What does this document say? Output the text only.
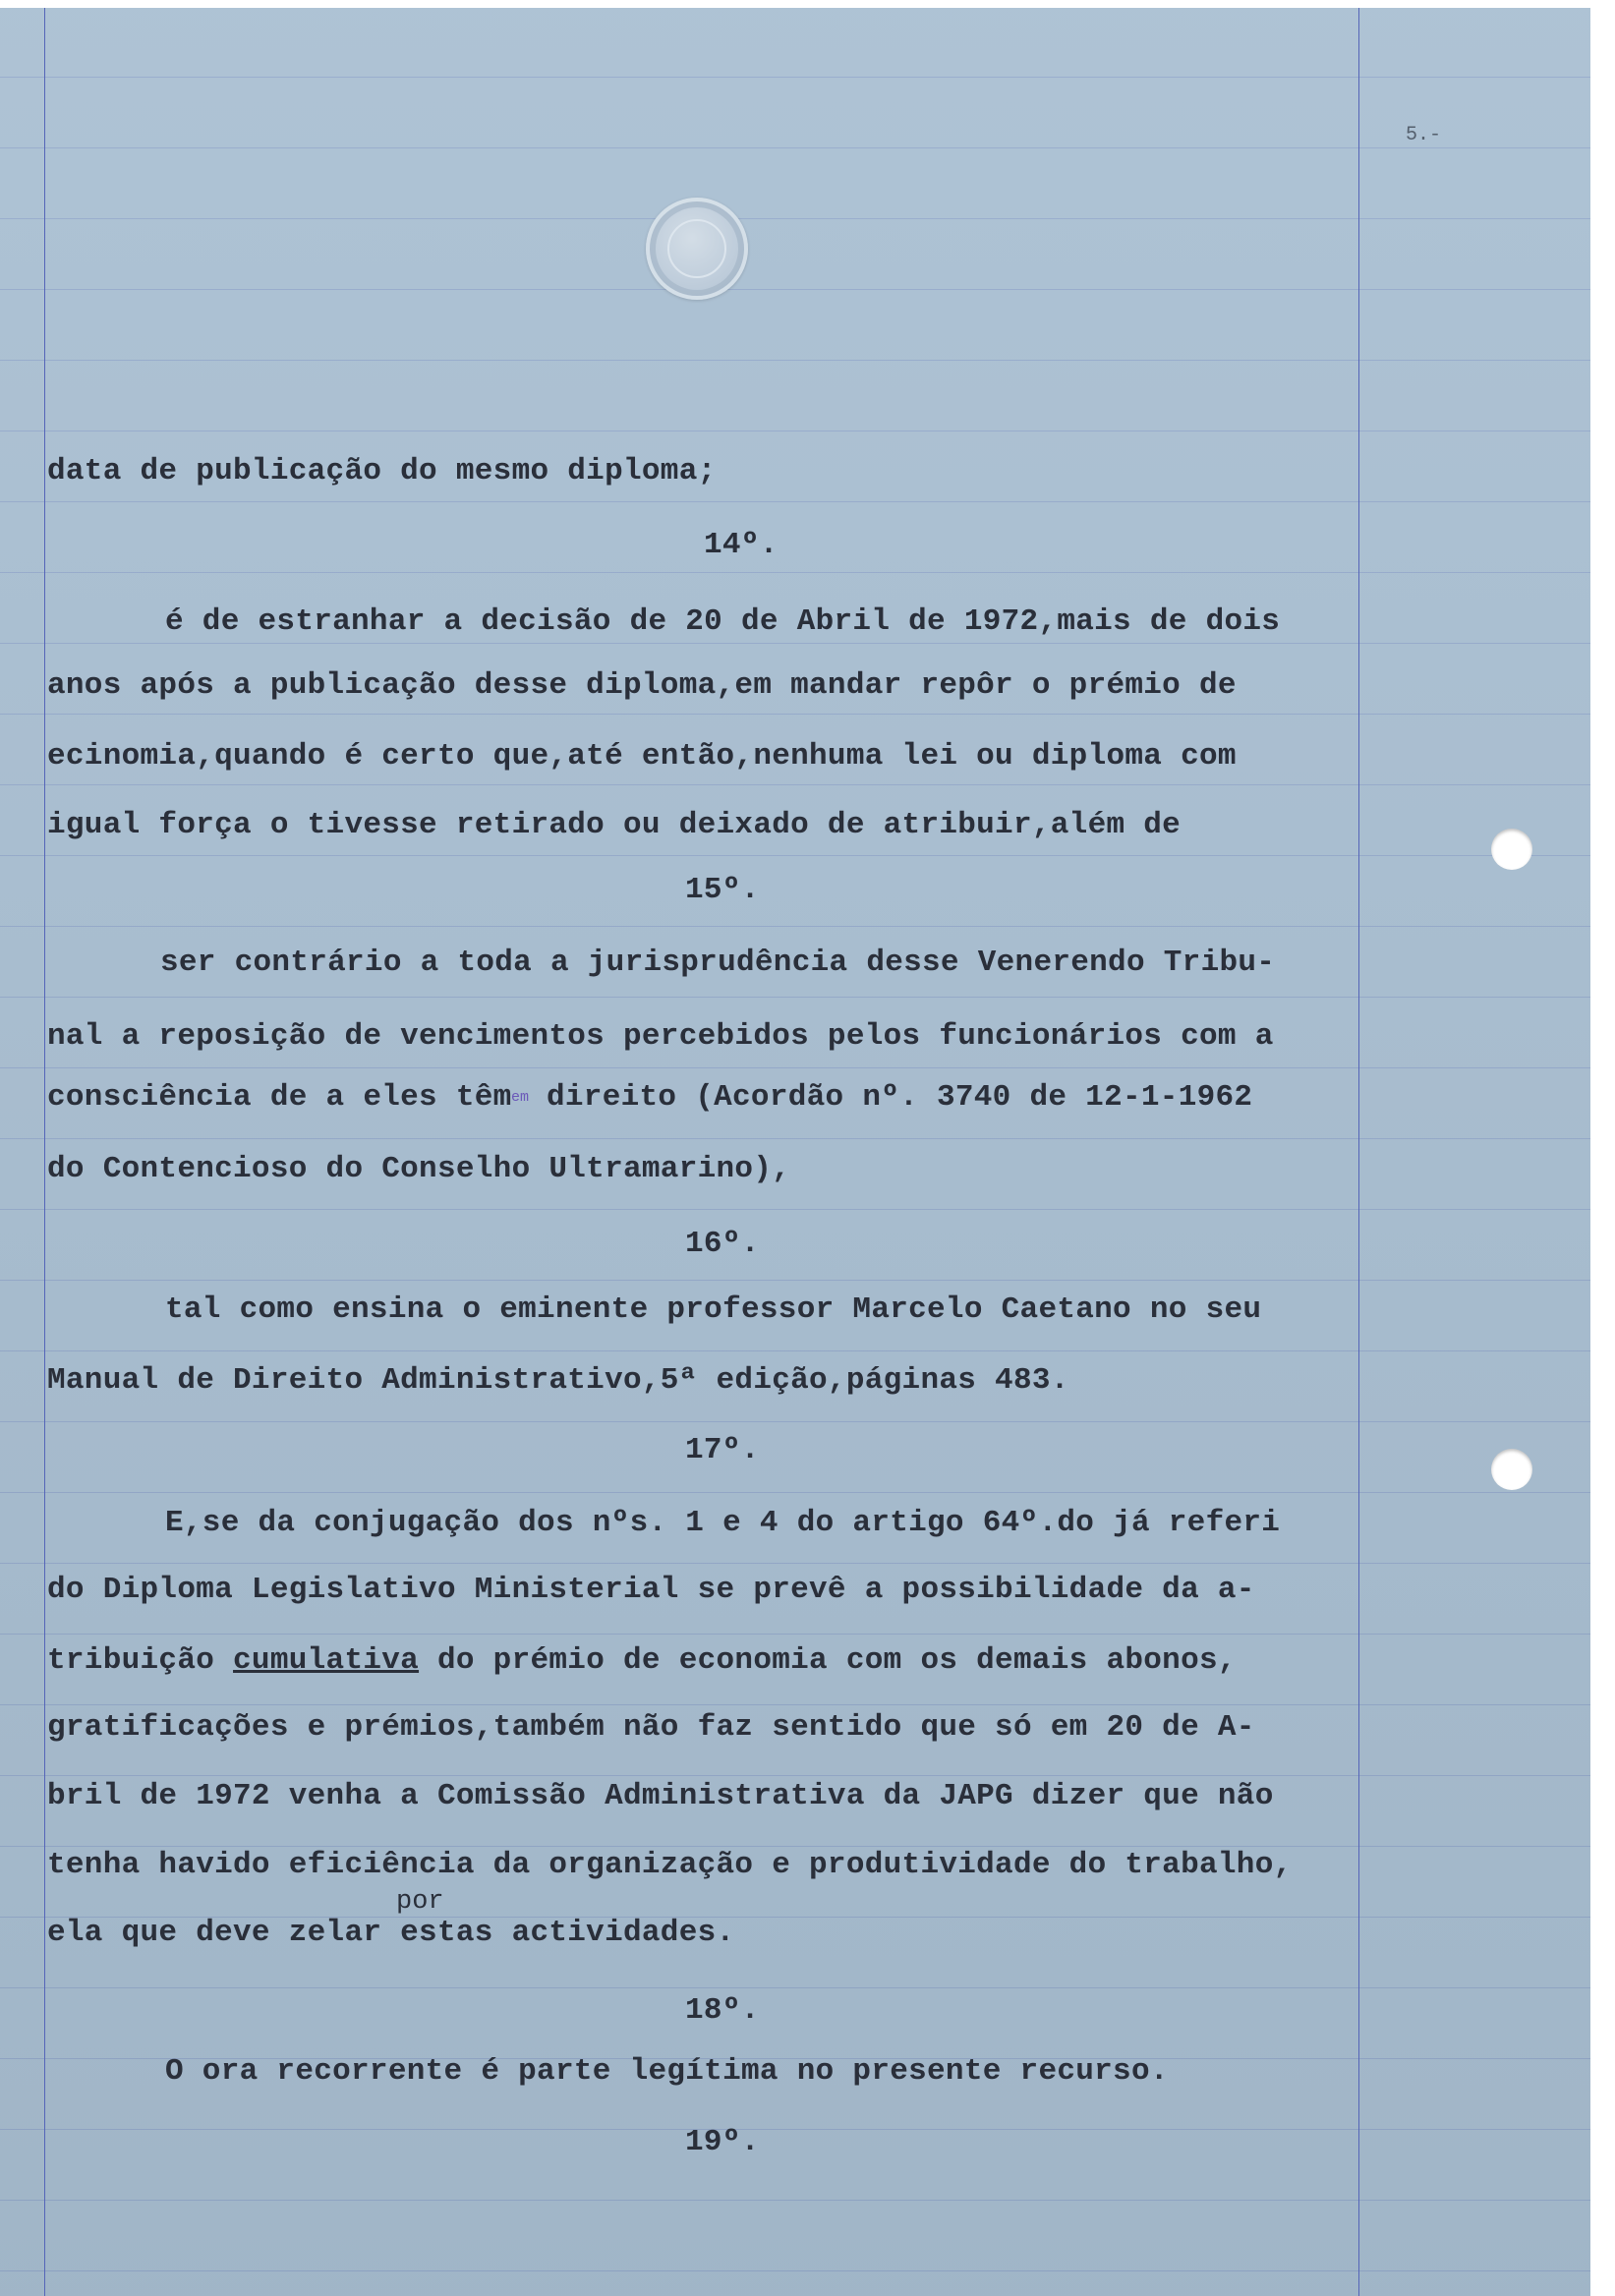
5.-
data de publicação do mesmo diploma;
14º.
é de estranhar a decisão de 20 de Abril de 1972,mais de dois
anos após a publicação desse diploma,em mandar repôr o prémio de
ecinomia,quando é certo que,até então,nenhuma lei ou diploma com
igual força o tivesse retirado ou deixado de atribuir,além de
15º.
ser contrário a toda a jurisprudência desse Venerendo Tribu-
nal a reposição de vencimentos percebidos pelos funcionários com a
consciência de a eles têm em direito (Acordão nº. 3740 de 12-1-1962
do Contencioso do Conselho Ultramarino),
16º.
tal como ensina o eminente professor Marcelo Caetano no seu
Manual de Direito Administrativo,5ª edição,páginas 483.
17º.
E,se da conjugação dos nºs. 1 e 4 do artigo 64º.do já referi
do Diploma Legislativo Ministerial se prevê a possibilidade da a-
tribuição cumulativa do prémio de economia com os demais abonos,
gratificações e prémios,também não faz sentido que só em 20 de A-
bril de 1972 venha a Comissão Administrativa da JAPG dizer que não
tenha havido eficiência da organização e produtividade do trabalho,
por
ela que deve zelar estas actividades.
18º.
O ora recorrente é parte legítima no presente recurso.
19º.
